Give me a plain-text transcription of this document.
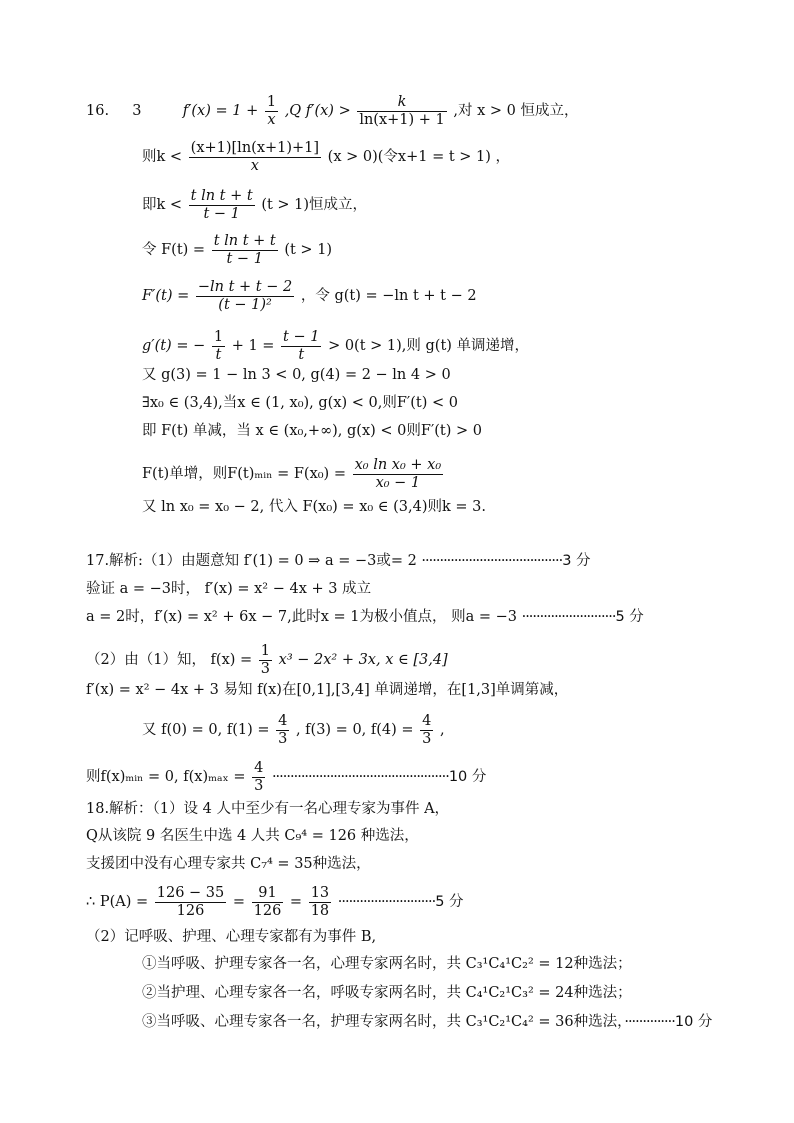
16. 3	$f'(x) = 1 + \frac{1}{x} ,Q$ $f'(x) > \frac{k}{\ln(x+1) + 1}$ ,对 x > 0 恒成立，
则$k < \frac{(x+1)[\ln(x+1)+1]}{x} (x > 0)$(令x+1 = t > 1) ，
即$k < \frac{\text{t ln t + t}}{t - 1} (t > 1)$恒成立，
令 $F(t) = \frac{\text{t ln t + t}}{t - 1} (t > 1)$
$F'(t) = \frac{\text{−ln t + t − 2}}{\text{(t − 1)²}}$ ，令 g(t) = −ln t + t − 2
g′(t) = − $\frac{1}{t} + 1 = \frac{t - 1}{t} > 0(t > 1)$,则 g(t) 单调递增，
又 g(3) = 1 − ln 3 < 0, g(4) = 2 − ln 4 > 0
∃x₀ ∈ (3,4),当x ∈ (1, x₀), g(x) < 0,则F′(t) < 0
即 F(t) 单减，当 x ∈ (x₀,+∞), g(x) < 0则F′(t) > 0
F(t)单增，则F(t)ₘᵢₙ = $F(x_0) = \frac{\text{x₀ ln x₀ + x₀}}{\text{x₀ − 1}}$
又 ln x₀ = x₀ − 2, 代入 F(x₀) = x₀ ∈ (3,4)则k = 3.
17.解析:（1）由题意知 f′(1) = 0 ⇒ a = −3或= 2 ·······································3 分
验证 a = −3时， f′(x) = x² − 4x + 3 成立
a = 2时，f′(x) = x² + 6x − 7,此时x = 1为极小值点， 则a = −3 ··························5 分
（2）由（1）知， $f(x) = \frac{1}{3} x^3 - 2x^2 + 3x$, x ∈ [3,4]
f′(x) = x² − 4x + 3 易知 f(x)在[0,1],[3,4] 单调递增，在[1,3]单调第减，
又 f(0) = 0, $f(1) = \frac{4}{3}$ , f(3) = 0, $f(4) = \frac{4}{3}$ ,
则f(x)ₘᵢₙ = 0, $f(x)_{max} = \frac{4}{3} \cdot\cdot\cdot\cdot\cdot\cdot\cdot\cdot\cdot\cdot\cdot\cdot\cdot\cdot\cdot\cdot\cdot\cdot\cdot\cdot\cdot\cdot\cdot\cdot\cdot\cdot\cdot\cdot\cdot\cdot\cdot\cdot\cdot\cdot\cdot\cdot\cdot\cdot\cdot\cdot\cdot\cdot\cdot\cdot\cdot\cdot\cdot\cdot\cdot 10$ 分
18.解析：（1）设 4 人中至少有一名心理专家为事件 A，
Q从该院 9 名医生中选 4 人共 C₉⁴ = 126 种选法，
支援团中没有心理专家共 C₇⁴ = 35种选法，
∴ $P(A) = \frac{126 - 35}{126} = \frac{91}{126} = \frac{13}{18} \cdot\cdot\cdot\cdot\cdot\cdot\cdot\cdot\cdot\cdot\cdot\cdot\cdot\cdot\cdot\cdot\cdot\cdot\cdot\cdot\cdot\cdot\cdot\cdot\cdot\cdot\cdot 5$ 分
（2）记呼吸、护理、心理专家都有为事件 B,
①当呼吸、护理专家各一名，心理专家两名时，共 C₃¹C₄¹C₂² = 12种选法；
②当护理、心理专家各一名，呼吸专家两名时，共 C₄¹C₂¹C₃² = 24种选法；
③当呼吸、心理专家各一名，护理专家两名时，共 C₃¹C₂¹C₄² = 36种选法，··············10 分
